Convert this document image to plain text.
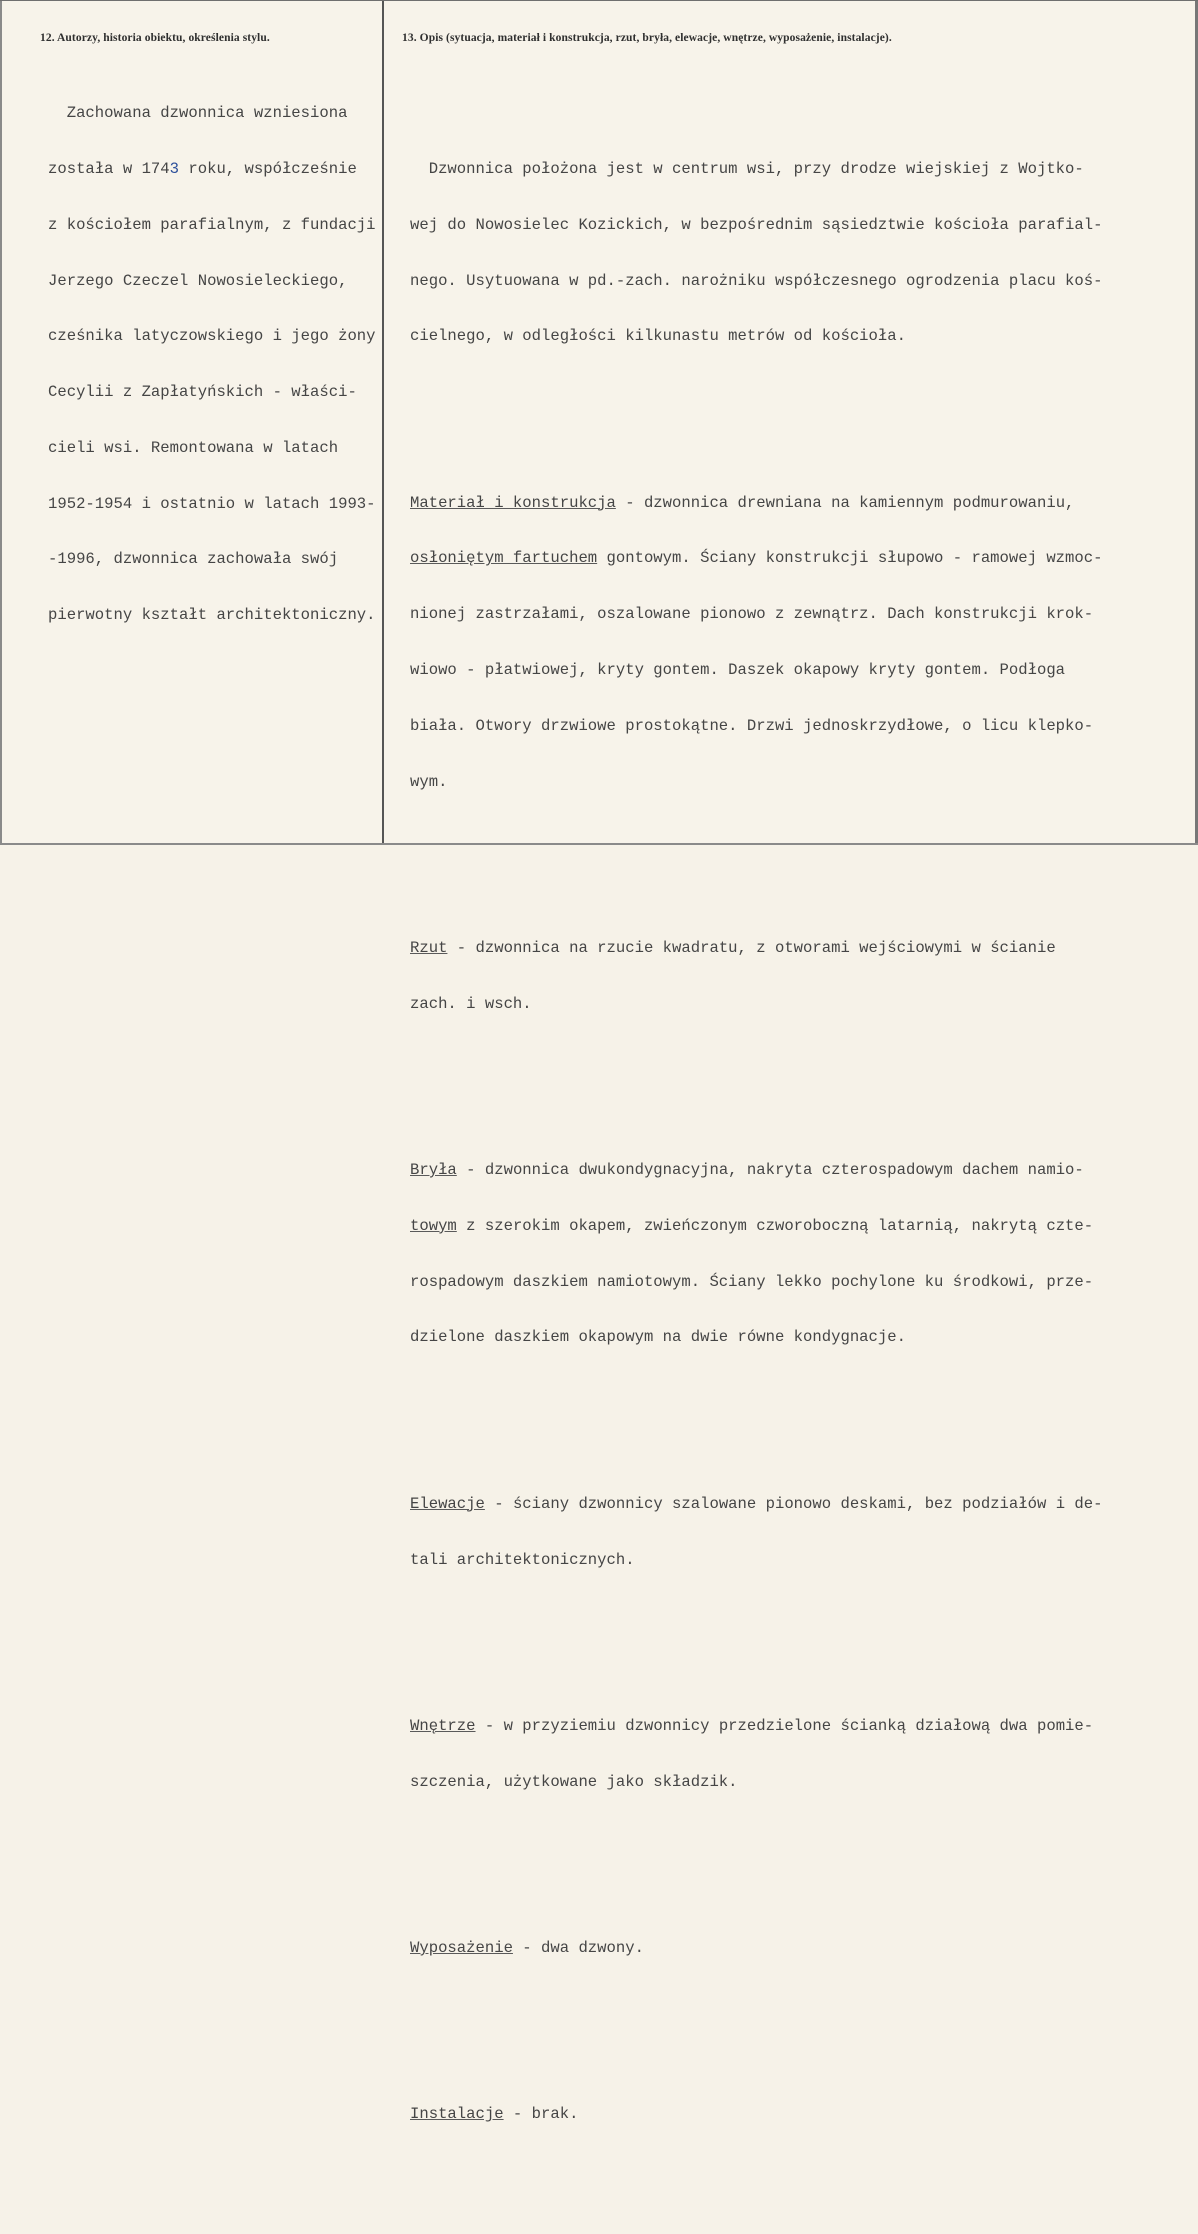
12. Autorzy, historia obiektu, określenia stylu.	13. Opis (sytuacja, materiał i konstrukcja, rzut, bryła, elewacje, wnętrze, wyposażenie, instalacje).

Zachowana dzwonnica wzniesiona

została w 1743 roku, współcześnie

z kościołem parafialnym, z fundacji

Jerzego Czeczel Nowosieleckiego,

cześnika latyczowskiego i jego żony

Cecylii z Zapłatyńskich - właści-

cieli wsi. Remontowana w latach

1952-1954 i ostatnio w latach 1993-

-1996, dzwonnica zachowała swój

pierwotny kształt architektoniczny.

Dzwonnica położona jest w centrum wsi, przy drodze wiejskiej z Wojtko-

wej do Nowosielec Kozickich, w bezpośrednim sąsiedztwie kościoła parafial-

nego. Usytuowana w pd.-zach. narożniku współczesnego ogrodzenia placu koś-

cielnego, w odległości kilkunastu metrów od kościoła.

Materiał i konstrukcja - dzwonnica drewniana na kamiennym podmurowaniu,

osłoniętym fartuchem gontowym. Ściany konstrukcji słupowo - ramowej wzmoc-

nionej zastrzałami, oszalowane pionowo z zewnątrz. Dach konstrukcji krok-

wiowo - płatwiowej, kryty gontem. Daszek okapowy kryty gontem. Podłoga

biała. Otwory drzwiowe prostokątne. Drzwi jednoskrzydłowe, o licu klepko-

wym.

Rzut - dzwonnica na rzucie kwadratu, z otworami wejściowymi w ścianie

zach. i wsch.

Bryła - dzwonnica dwukondygnacyjna, nakryta czterospadowym dachem namio-

towym z szerokim okapem, zwieńczonym czworoboczną latarnią, nakrytą czte-

rospadowym daszkiem namiotowym. Ściany lekko pochylone ku środkowi, prze-

dzielone daszkiem okapowym na dwie równe kondygnacje.

Elewacje - ściany dzwonnicy szalowane pionowo deskami, bez podziałów i de-

tali architektonicznych.

Wnętrze - w przyziemiu dzwonnicy przedzielone ścianką działową dwa pomie-

szczenia, użytkowane jako składzik.

Wyposażenie - dwa dzwony.

Instalacje - brak.
